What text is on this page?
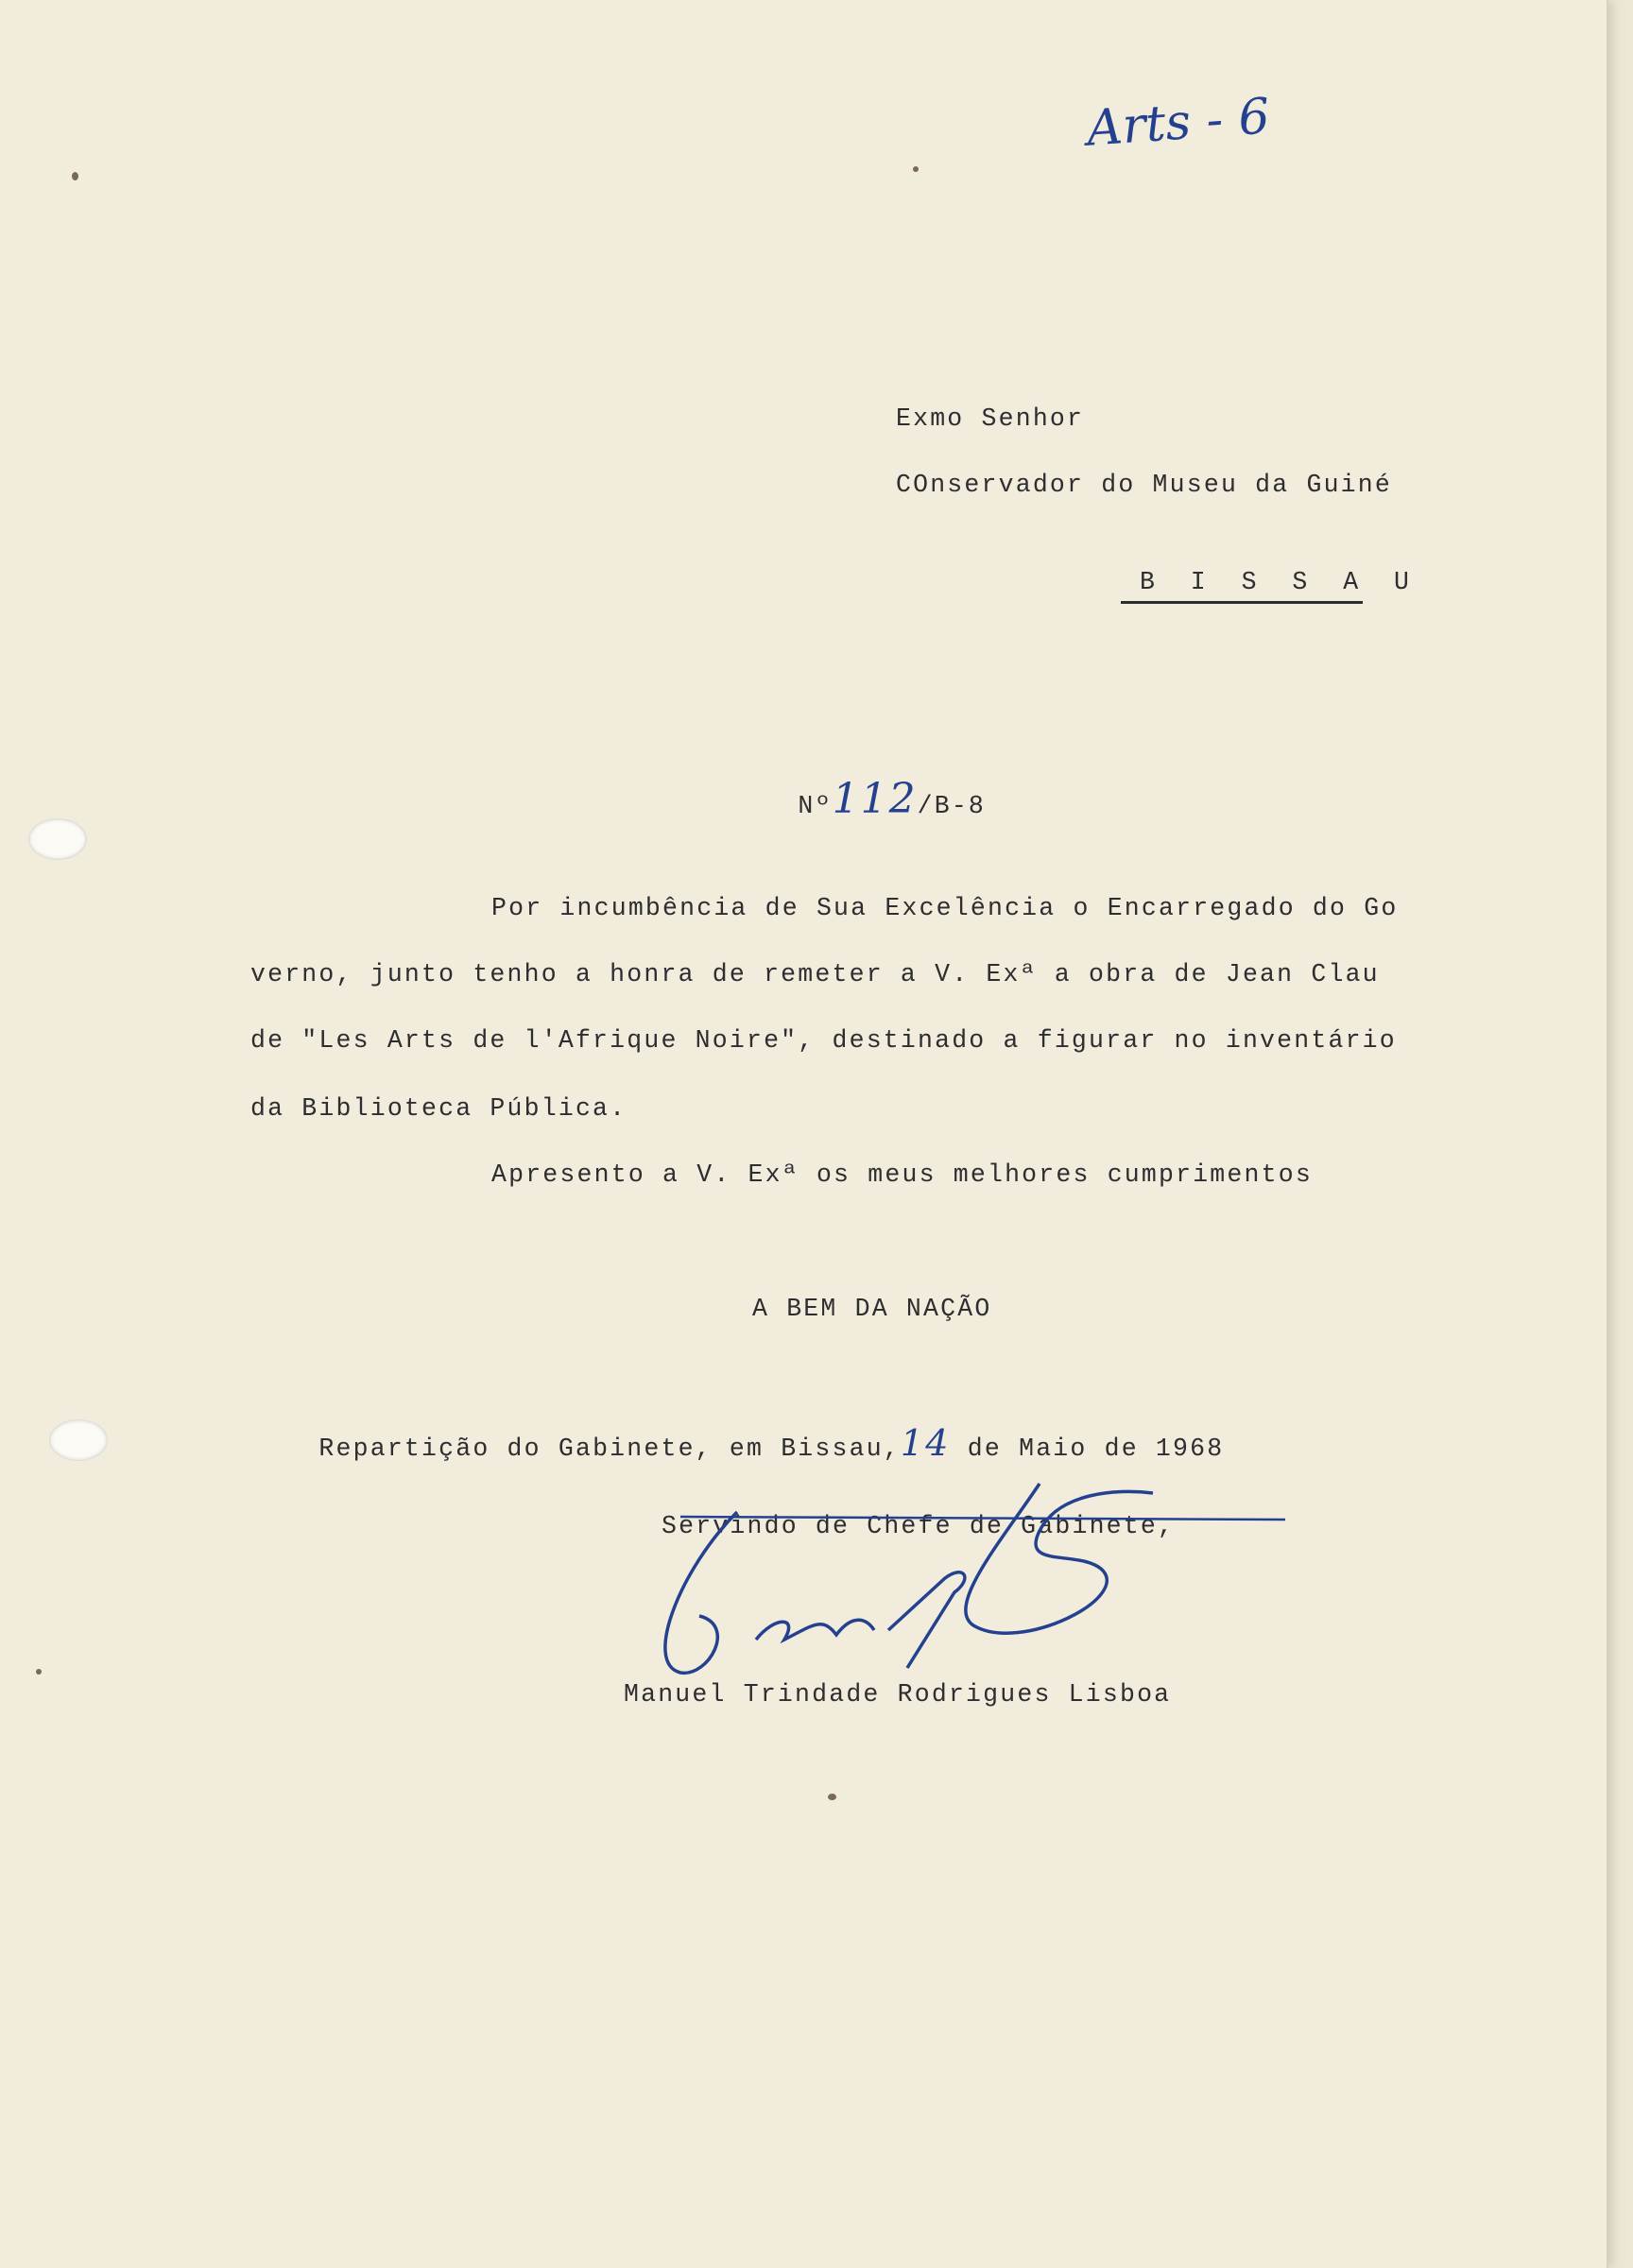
Arts - 6
Exmo Senhor
COnservador do Museu da Guiné
B I S S A U

Nº112/B-8

Por incumbência de Sua Excelência o Encarregado do Go
verno, junto tenho a honra de remeter a V. Exª a obra de Jean Clau
de "Les Arts de l'Afrique Noire", destinado a figurar no inventário
da Biblioteca Pública.
Apresento a V. Exª os meus melhores cumprimentos
A BEM DA NAÇÃO

Repartição do Gabinete, em Bissau,14 de Maio de 1968

Servindo de Chefe de Gabinete,
Manuel Trindade Rodrigues Lisboa
